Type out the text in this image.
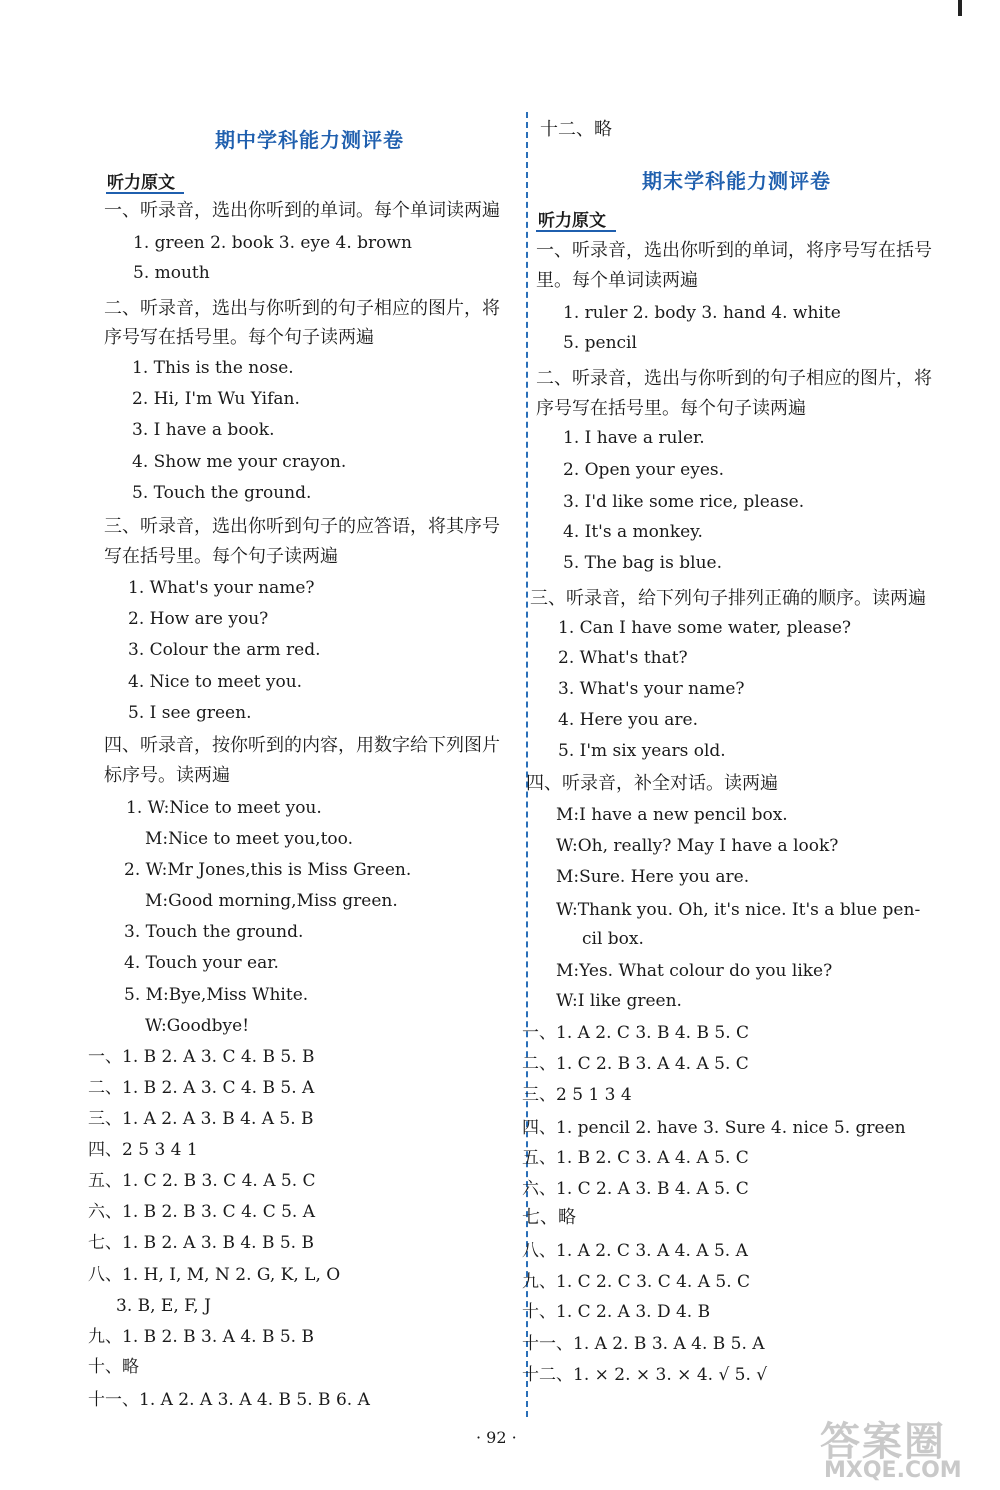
期中学科能力测评卷
听力原文
一、听录音，选出你听到的单词。每个单词读两遍
1. green 2. book 3. eye 4. brown
5. mouth
二、听录音，选出与你听到的句子相应的图片，将
序号写在括号里。每个句子读两遍
1. This is the nose.
2. Hi, I'm Wu Yifan.
3. I have a book.
4. Show me your crayon.
5. Touch the ground.
三、听录音，选出你听到句子的应答语，将其序号
写在括号里。每个句子读两遍
1. What's your name?
2. How are you?
3. Colour the arm red.
4. Nice to meet you.
5. I see green.
四、听录音，按你听到的内容，用数字给下列图片
标序号。读两遍
1. W:Nice to meet you.
M:Nice to meet you,too.
2. W:Mr Jones,this is Miss Green.
M:Good morning,Miss green.
3. Touch the ground.
4. Touch your ear.
5. M:Bye,Miss White.
W:Goodbye!
一、1. B 2. A 3. C 4. B 5. B
二、1. B 2. A 3. C 4. B 5. A
三、1. A 2. A 3. B 4. A 5. B
四、2 5 3 4 1
五、1. C 2. B 3. C 4. A 5. C
六、1. B 2. B 3. C 4. C 5. A
七、1. B 2. A 3. B 4. B 5. B
八、1. H, I, M, N 2. G, K, L, O
3. B, E, F, J
九、1. B 2. B 3. A 4. B 5. B
十、略
十一、1. A 2. A 3. A 4. B 5. B 6. A
十二、略
期末学科能力测评卷
听力原文
一、听录音，选出你听到的单词，将序号写在括号
里。每个单词读两遍
1. ruler 2. body 3. hand 4. white
5. pencil
二、听录音，选出与你听到的句子相应的图片，将
序号写在括号里。每个句子读两遍
1. I have a ruler.
2. Open your eyes.
3. I'd like some rice, please.
4. It's a monkey.
5. The bag is blue.
三、听录音，给下列句子排列正确的顺序。读两遍
1. Can I have some water, please?
2. What's that?
3. What's your name?
4. Here you are.
5. I'm six years old.
四、听录音，补全对话。读两遍
M:I have a new pencil box.
W:Oh, really? May I have a look?
M:Sure. Here you are.
W:Thank you. Oh, it's nice. It's a blue pen-
cil box.
M:Yes. What colour do you like?
W:I like green.
一、1. A 2. C 3. B 4. B 5. C
二、1. C 2. B 3. A 4. A 5. C
三、2 5 1 3 4
四、1. pencil 2. have 3. Sure 4. nice 5. green
五、1. B 2. C 3. A 4. A 5. C
六、1. C 2. A 3. B 4. A 5. C
七、略
八、1. A 2. C 3. A 4. A 5. A
九、1. C 2. C 3. C 4. A 5. C
十、1. C 2. A 3. D 4. B
十一、1. A 2. B 3. A 4. B 5. A
十二、1. × 2. × 3. × 4. √ 5. √
· 92 ·	答案圈
MXQE.COM
